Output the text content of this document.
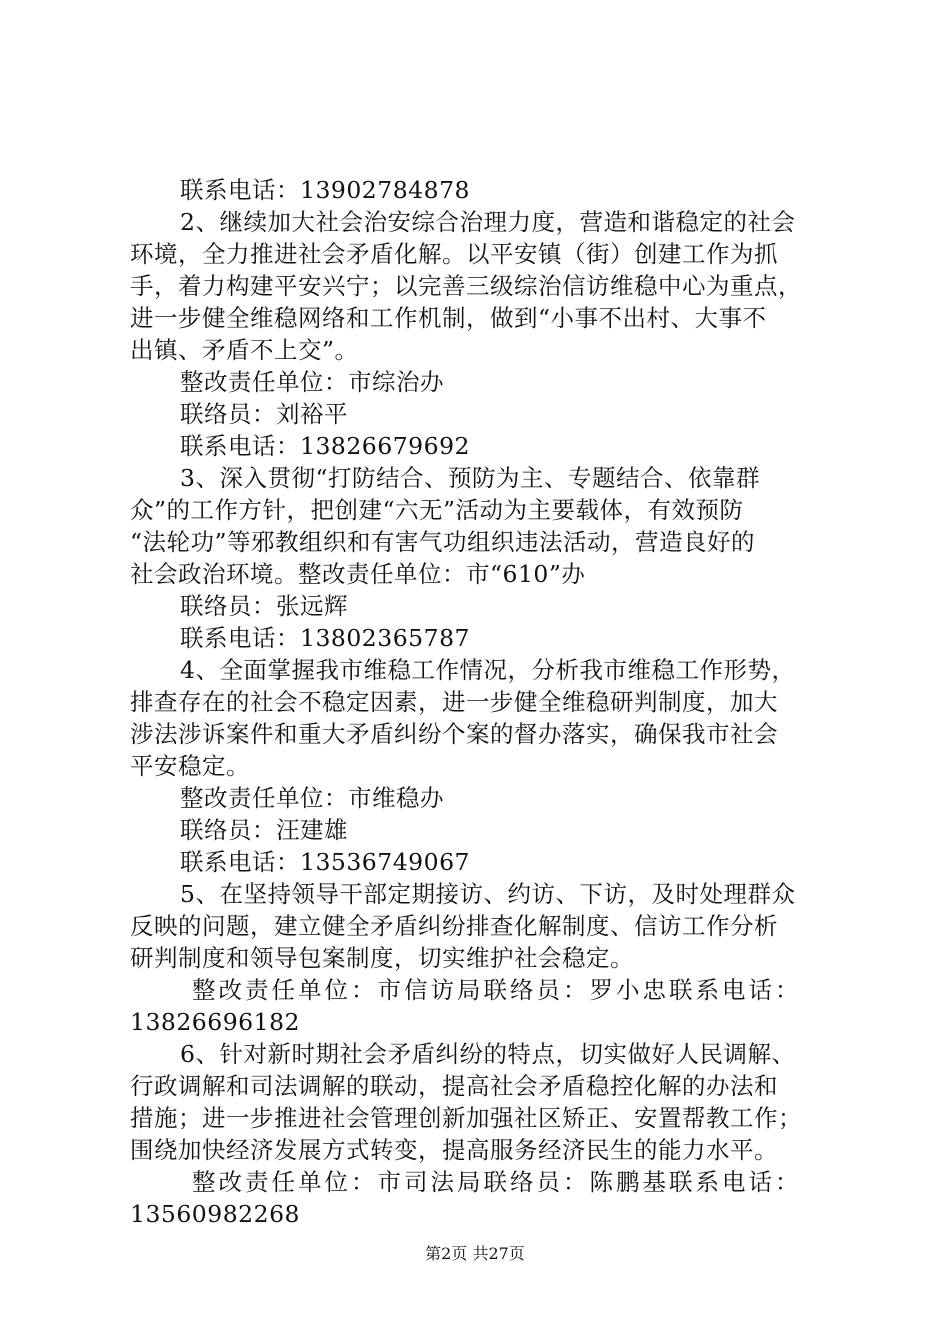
联系电话：13902784878
2、继续加大社会治安综合治理力度，营造和谐稳定的社会
环境，全力推进社会矛盾化解。以平安镇（街）创建工作为抓
手，着力构建平安兴宁；以完善三级综治信访维稳中心为重点，
进一步健全维稳网络和工作机制，做到“小事不出村、大事不
出镇、矛盾不上交”。
整改责任单位：市综治办
联络员：刘裕平
联系电话：13826679692
3、深入贯彻“打防结合、预防为主、专题结合、依靠群
众”的工作方针，把创建“六无”活动为主要载体，有效预防
“法轮功”等邪教组织和有害气功组织违法活动，营造良好的
社会政治环境。整改责任单位：市“610”办
联络员：张远辉
联系电话：13802365787
4、全面掌握我市维稳工作情况，分析我市维稳工作形势，
排查存在的社会不稳定因素，进一步健全维稳研判制度，加大
涉法涉诉案件和重大矛盾纠纷个案的督办落实，确保我市社会
平安稳定。
整改责任单位：市维稳办
联络员：汪建雄
联系电话：13536749067
5、在坚持领导干部定期接访、约访、下访，及时处理群众
反映的问题，建立健全矛盾纠纷排查化解制度、信访工作分析
研判制度和领导包案制度，切实维护社会稳定。
整改责任单位：市信访局联络员：罗小忠联系电话：
13826696182
6、针对新时期社会矛盾纠纷的特点，切实做好人民调解、
行政调解和司法调解的联动，提高社会矛盾稳控化解的办法和
措施；进一步推进社会管理创新加强社区矫正、安置帮教工作；
围绕加快经济发展方式转变，提高服务经济民生的能力水平。
整改责任单位：市司法局联络员：陈鹏基联系电话：
13560982268
第2页 共27页
